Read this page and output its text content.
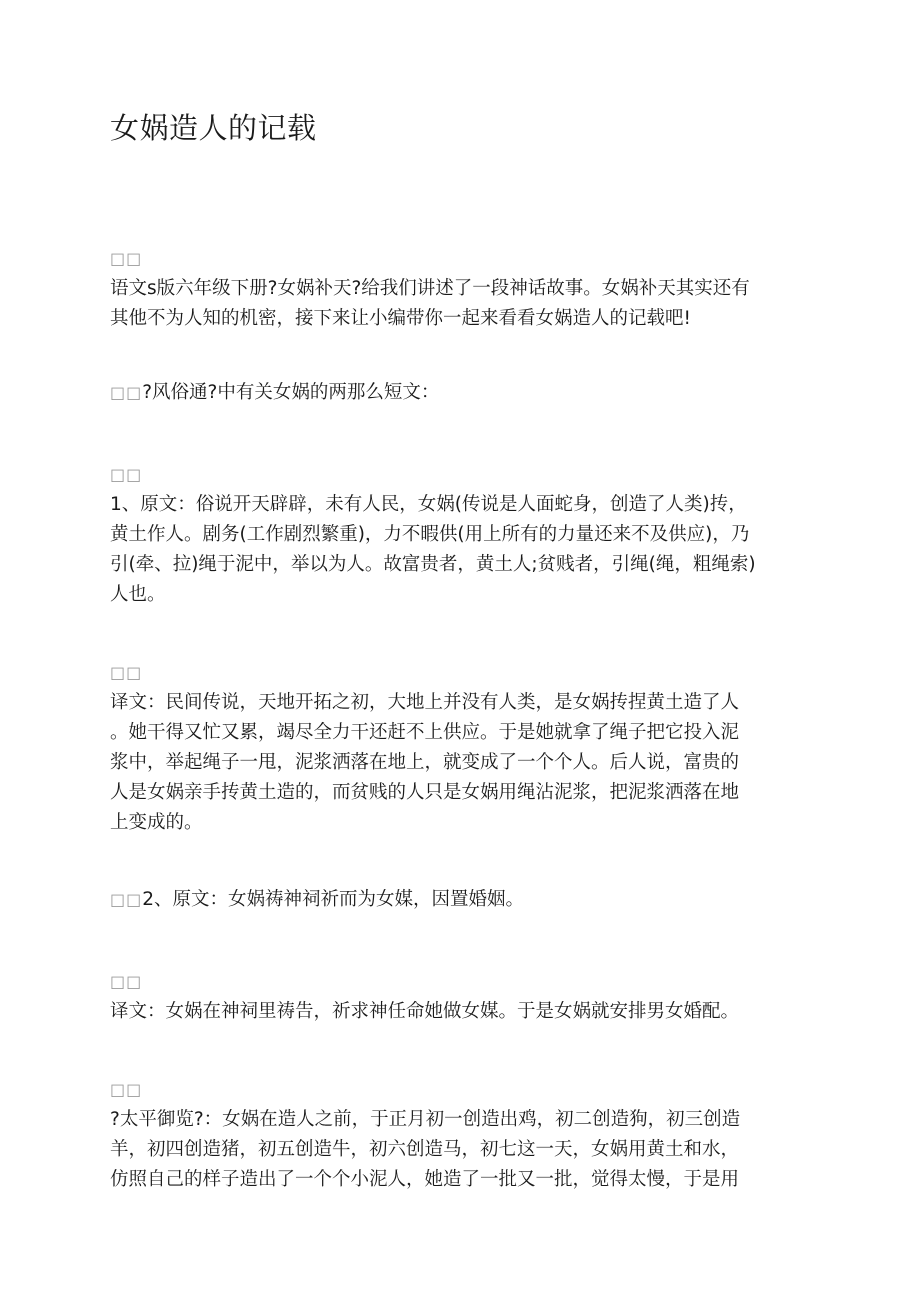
女娲造人的记载
□□
语文s版六年级下册?女娲补天?给我们讲述了一段神话故事。女娲补天其实还有
其他不为人知的机密，接下来让小编带你一起来看看女娲造人的记载吧!
□□?风俗通?中有关女娲的两那么短文：
□□
1、原文：俗说开天辟辟，未有人民，女娲(传说是人面蛇身，创造了人类)抟，
黄土作人。剧务(工作剧烈繁重)，力不暇供(用上所有的力量还来不及供应)，乃
引(牵、拉)绳于泥中，举以为人。故富贵者，黄土人;贫贱者，引绳(绳，粗绳索)
人也。
□□
译文：民间传说，天地开拓之初，大地上并没有人类，是女娲抟捏黄土造了人
。她干得又忙又累，竭尽全力干还赶不上供应。于是她就拿了绳子把它投入泥
浆中，举起绳子一甩，泥浆洒落在地上，就变成了一个个人。后人说，富贵的
人是女娲亲手抟黄土造的，而贫贱的人只是女娲用绳沾泥浆，把泥浆洒落在地
上变成的。
□□2、原文：女娲祷神祠祈而为女媒，因置婚姻。
□□
译文：女娲在神祠里祷告，祈求神任命她做女媒。于是女娲就安排男女婚配。
□□
?太平御览?：女娲在造人之前，于正月初一创造出鸡，初二创造狗，初三创造
羊，初四创造猪，初五创造牛，初六创造马，初七这一天，女娲用黄土和水，
仿照自己的样子造出了一个个小泥人，她造了一批又一批，觉得太慢，于是用
